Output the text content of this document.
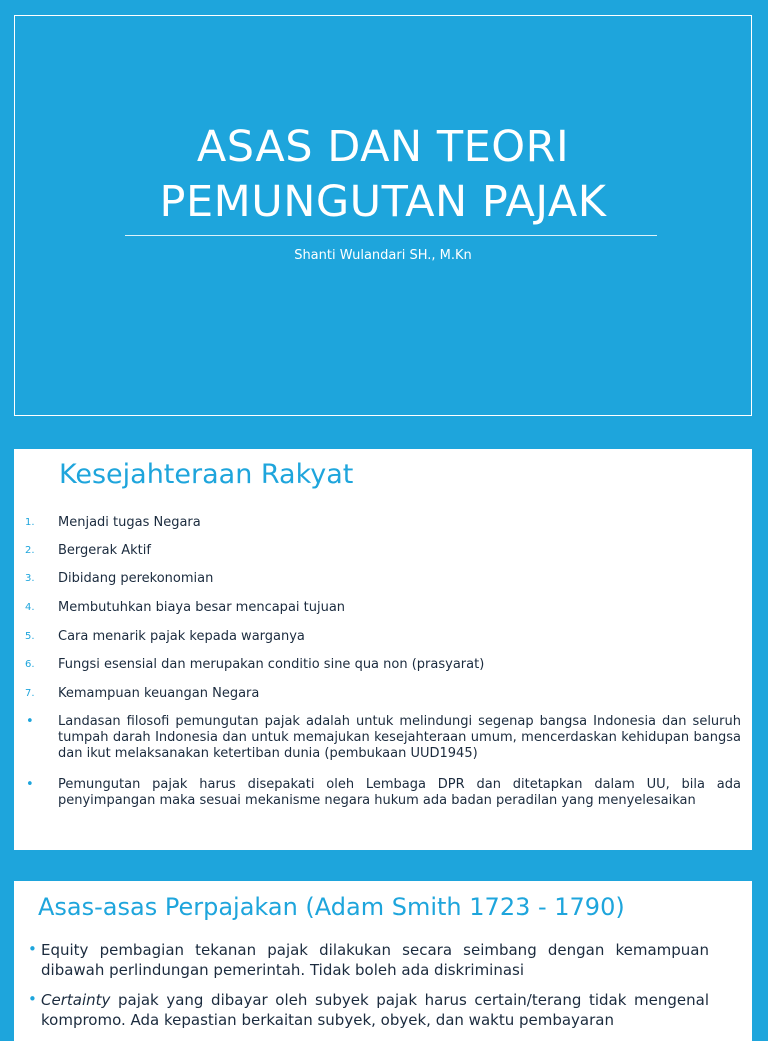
ASAS DAN TEORI
PEMUNGUTAN PAJAK
Shanti Wulandari SH., M.Kn
Kesejahteraan Rakyat
1. Menjadi tugas Negara
2. Bergerak Aktif
3. Dibidang perekonomian
4. Membutuhkan biaya besar mencapai tujuan
5. Cara menarik pajak kepada warganya
6. Fungsi esensial dan merupakan conditio sine qua non (prasyarat)
7. Kemampuan keuangan Negara
• Landasan filosofi pemungutan pajak adalah untuk melindungi segenap bangsa Indonesia dan seluruh tumpah darah Indonesia dan untuk memajukan kesejahteraan umum, mencerdaskan kehidupan bangsa dan ikut melaksanakan ketertiban dunia (pembukaan UUD1945)
• Pemungutan pajak harus disepakati oleh Lembaga DPR dan ditetapkan dalam UU, bila ada penyimpangan maka sesuai mekanisme negara hukum ada badan peradilan yang menyelesaikan
Asas-asas Perpajakan (Adam Smith 1723 - 1790)
• Equity pembagian tekanan pajak dilakukan secara seimbang dengan kemampuan dibawah perlindungan pemerintah. Tidak boleh ada diskriminasi
• Certainty pajak yang dibayar oleh subyek pajak harus certain/terang tidak mengenal kompromo. Ada kepastian berkaitan subyek, obyek, dan waktu pembayaran
